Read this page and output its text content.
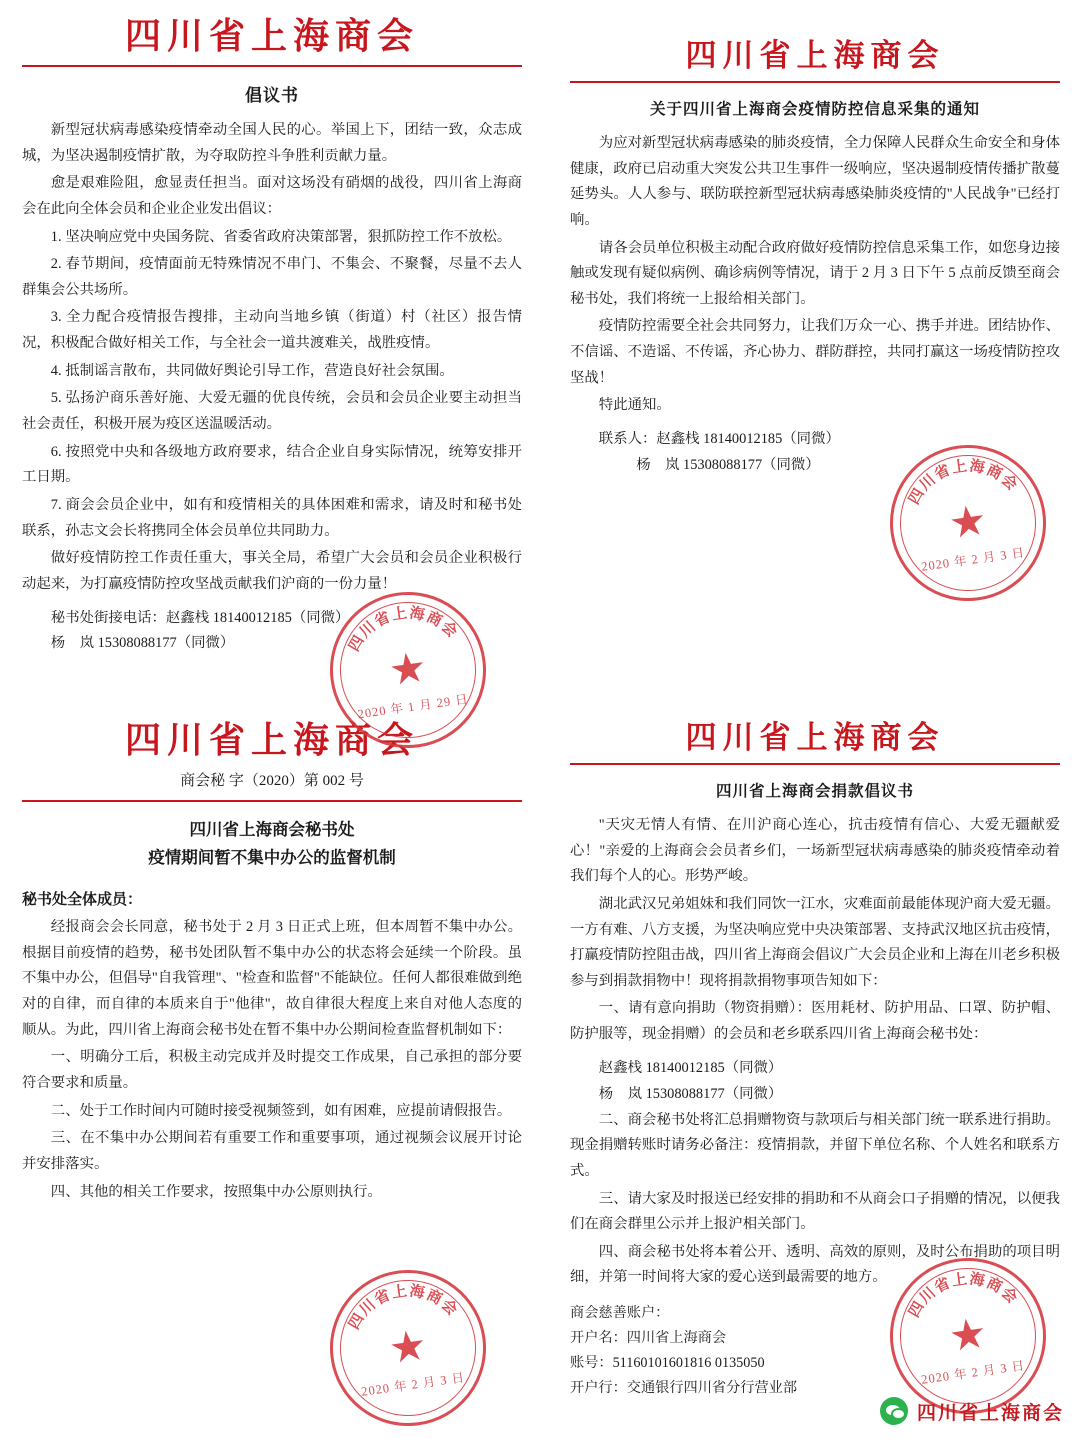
四川省上海商会
倡议书

新型冠状病毒感染疫情牵动全国人民的心。举国上下，团结一致，众志成城，为坚决遏制疫情扩散，为夺取防控斗争胜利贡献力量。

愈是艰难险阻，愈显责任担当。面对这场没有硝烟的战役，四川省上海商会在此向全体会员和企业企业发出倡议：

1. 坚决响应党中央国务院、省委省政府决策部署，狠抓防控工作不放松。

2. 春节期间，疫情面前无特殊情况不串门、不集会、不聚餐，尽量不去人群集会公共场所。

3. 全力配合疫情报告搜排，主动向当地乡镇（街道）村（社区）报告情况，积极配合做好相关工作，与全社会一道共渡难关，战胜疫情。

4. 抵制谣言散布，共同做好舆论引导工作，营造良好社会氛围。

5. 弘扬沪商乐善好施、大爱无疆的优良传统，会员和会员企业要主动担当社会责任，积极开展为疫区送温暖活动。

6. 按照党中央和各级地方政府要求，结合企业自身实际情况，统筹安排开工日期。

7. 商会会员企业中，如有和疫情相关的具体困难和需求，请及时和秘书处联系，孙志文会长将携同全体会员单位共同助力。

做好疫情防控工作责任重大，事关全局，希望广大会员和会员企业积极行动起来，为打赢疫情防控攻坚战贡献我们沪商的一份力量！

秘书处街接电话：赵鑫栈 18140012185（同微）
杨　岚 15308088177（同微）
四川省上海商会
关于四川省上海商会疫情防控信息采集的通知

为应对新型冠状病毒感染的肺炎疫情，全力保障人民群众生命安全和身体健康，政府已启动重大突发公共卫生事件一级响应，坚决遏制疫情传播扩散蔓延势头。人人参与、联防联控新型冠状病毒感染肺炎疫情的"人民战争"已经打响。

请各会员单位积极主动配合政府做好疫情防控信息采集工作，如您身边接触或发现有疑似病例、确诊病例等情况，请于 2 月 3 日下午 5 点前反馈至商会秘书处，我们将统一上报给相关部门。

疫情防控需要全社会共同努力，让我们万众一心、携手并进。团结协作、不信谣、不造谣、不传谣，齐心协力、群防群控，共同打赢这一场疫情防控攻坚战！

特此通知。

联系人：赵鑫栈 18140012185（同微）
杨　岚 15308088177（同微）
四川省上海商会
商会秘 字（2020）第 002 号
四川省上海商会秘书处
疫情期间暂不集中办公的监督机制
秘书处全体成员：

经报商会会长同意，秘书处于 2 月 3 日正式上班，但本周暂不集中办公。根据目前疫情的趋势，秘书处团队暂不集中办公的状态将会延续一个阶段。虽不集中办公，但倡导"自我管理"、"检查和监督"不能缺位。任何人都很难做到绝对的自律，而自律的本质来自于"他律"，故自律很大程度上来自对他人态度的顺从。为此，四川省上海商会秘书处在暂不集中办公期间检查监督机制如下：

一、明确分工后，积极主动完成并及时提交工作成果，自己承担的部分要符合要求和质量。

二、处于工作时间内可随时接受视频签到，如有困难，应提前请假报告。

三、在不集中办公期间若有重要工作和重要事项，通过视频会议展开讨论并安排落实。

四、其他的相关工作要求，按照集中办公原则执行。

四川省上海商会
四川省上海商会捐款倡议书

"天灾无情人有情、在川沪商心连心，抗击疫情有信心、大爱无疆献爱心！"亲爱的上海商会会员者乡们，一场新型冠状病毒感染的肺炎疫情牵动着我们每个人的心。形势严峻。

湖北武汉兄弟姐妹和我们同饮一江水，灾难面前最能体现沪商大爱无疆。一方有难、八方支援，为坚决响应党中央决策部署、支持武汉地区抗击疫情，打赢疫情防控阻击战，四川省上海商会倡议广大会员企业和上海在川老乡积极参与到捐款捐物中！现将捐款捐物事项告知如下：

一、请有意向捐助（物资捐赠）：医用耗材、防护用品、口罩、防护帽、防护服等，现金捐赠）的会员和老乡联系四川省上海商会秘书处：

赵鑫栈 18140012185（同微）
杨　岚 15308088177（同微）

二、商会秘书处将汇总捐赠物资与款项后与相关部门统一联系进行捐助。现金捐赠转账时请务必备注：疫情捐款，并留下单位名称、个人姓名和联系方式。

三、请大家及时报送已经安排的捐助和不从商会口子捐赠的情况，以便我们在商会群里公示并上报沪相关部门。

四、商会秘书处将本着公开、透明、高效的原则，及时公布捐助的项目明细，并第一时间将大家的爱心送到最需要的地方。

商会慈善账户：
开户名：四川省上海商会
账号：51160101601816 0135050
开户行：交通银行四川省分行营业部
四川省上海商会
★
2020 年 1 月 29 日
四川省上海商会
★
2020 年 2 月 3 日
四川省上海商会
★
2020 年 2 月 3 日
四川省上海商会
★
2020 年 2 月 3 日
四川省上海商会
